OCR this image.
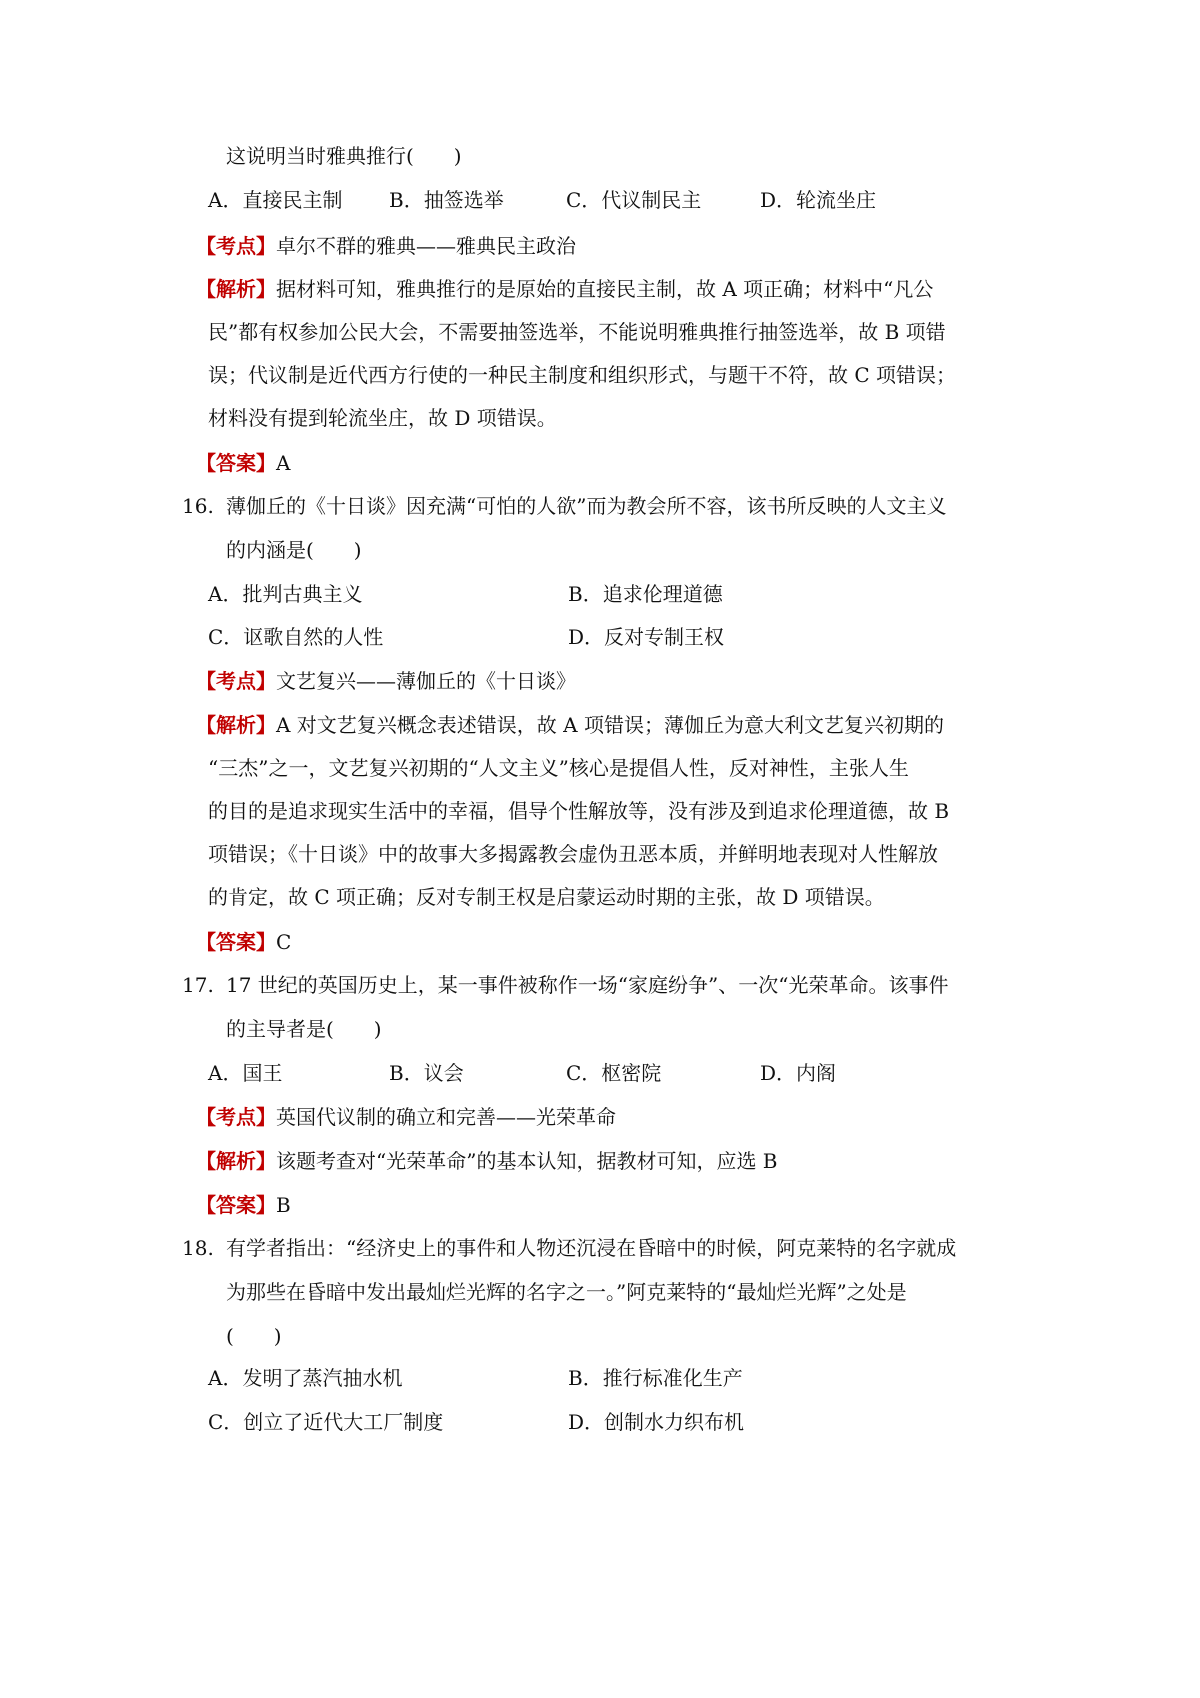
这说明当时雅典推行(　　)
A．直接民主制 B．抽签选举	C．代议制民主	D．轮流坐庄
【考点】卓尔不群的雅典——雅典民主政治
【解析】据材料可知，雅典推行的是原始的直接民主制，故 A 项正确；材料中“凡公
民”都有权参加公民大会，不需要抽签选举，不能说明雅典推行抽签选举，故 B 项错
误；代议制是近代西方行使的一种民主制度和组织形式，与题干不符，故 C 项错误；
材料没有提到轮流坐庄，故 D 项错误。
【答案】A
16. 薄伽丘的《十日谈》因充满“可怕的人欲”而为教会所不容，该书所反映的人文主义
的内涵是(　　)
A．批判古典主义	B．追求伦理道德
C．讴歌自然的人性	D．反对专制王权
【考点】文艺复兴——薄伽丘的《十日谈》
【解析】A 对文艺复兴概念表述错误，故 A 项错误；薄伽丘为意大利文艺复兴初期的
“三杰”之一，文艺复兴初期的“人文主义”核心是提倡人性，反对神性，主张人生
的目的是追求现实生活中的幸福，倡导个性解放等，没有涉及到追求伦理道德，故 B
项错误；《十日谈》中的故事大多揭露教会虚伪丑恶本质，并鲜明地表现对人性解放
的肯定，故 C 项正确；反对专制王权是启蒙运动时期的主张，故 D 项错误。
【答案】C
17. 17 世纪的英国历史上，某一事件被称作一场“家庭纷争”、一次“光荣革命。该事件
的主导者是(　　)
A．国王	B．议会	C．枢密院	D．内阁
【考点】英国代议制的确立和完善——光荣革命
【解析】该题考查对“光荣革命”的基本认知，据教材可知，应选 B
【答案】B
18. 有学者指出：“经济史上的事件和人物还沉浸在昏暗中的时候，阿克莱特的名字就成
为那些在昏暗中发出最灿烂光辉的名字之一。”阿克莱特的“最灿烂光辉”之处是
(　　)
A．发明了蒸汽抽水机	B．推行标准化生产
C．创立了近代大工厂制度	D．创制水力织布机
